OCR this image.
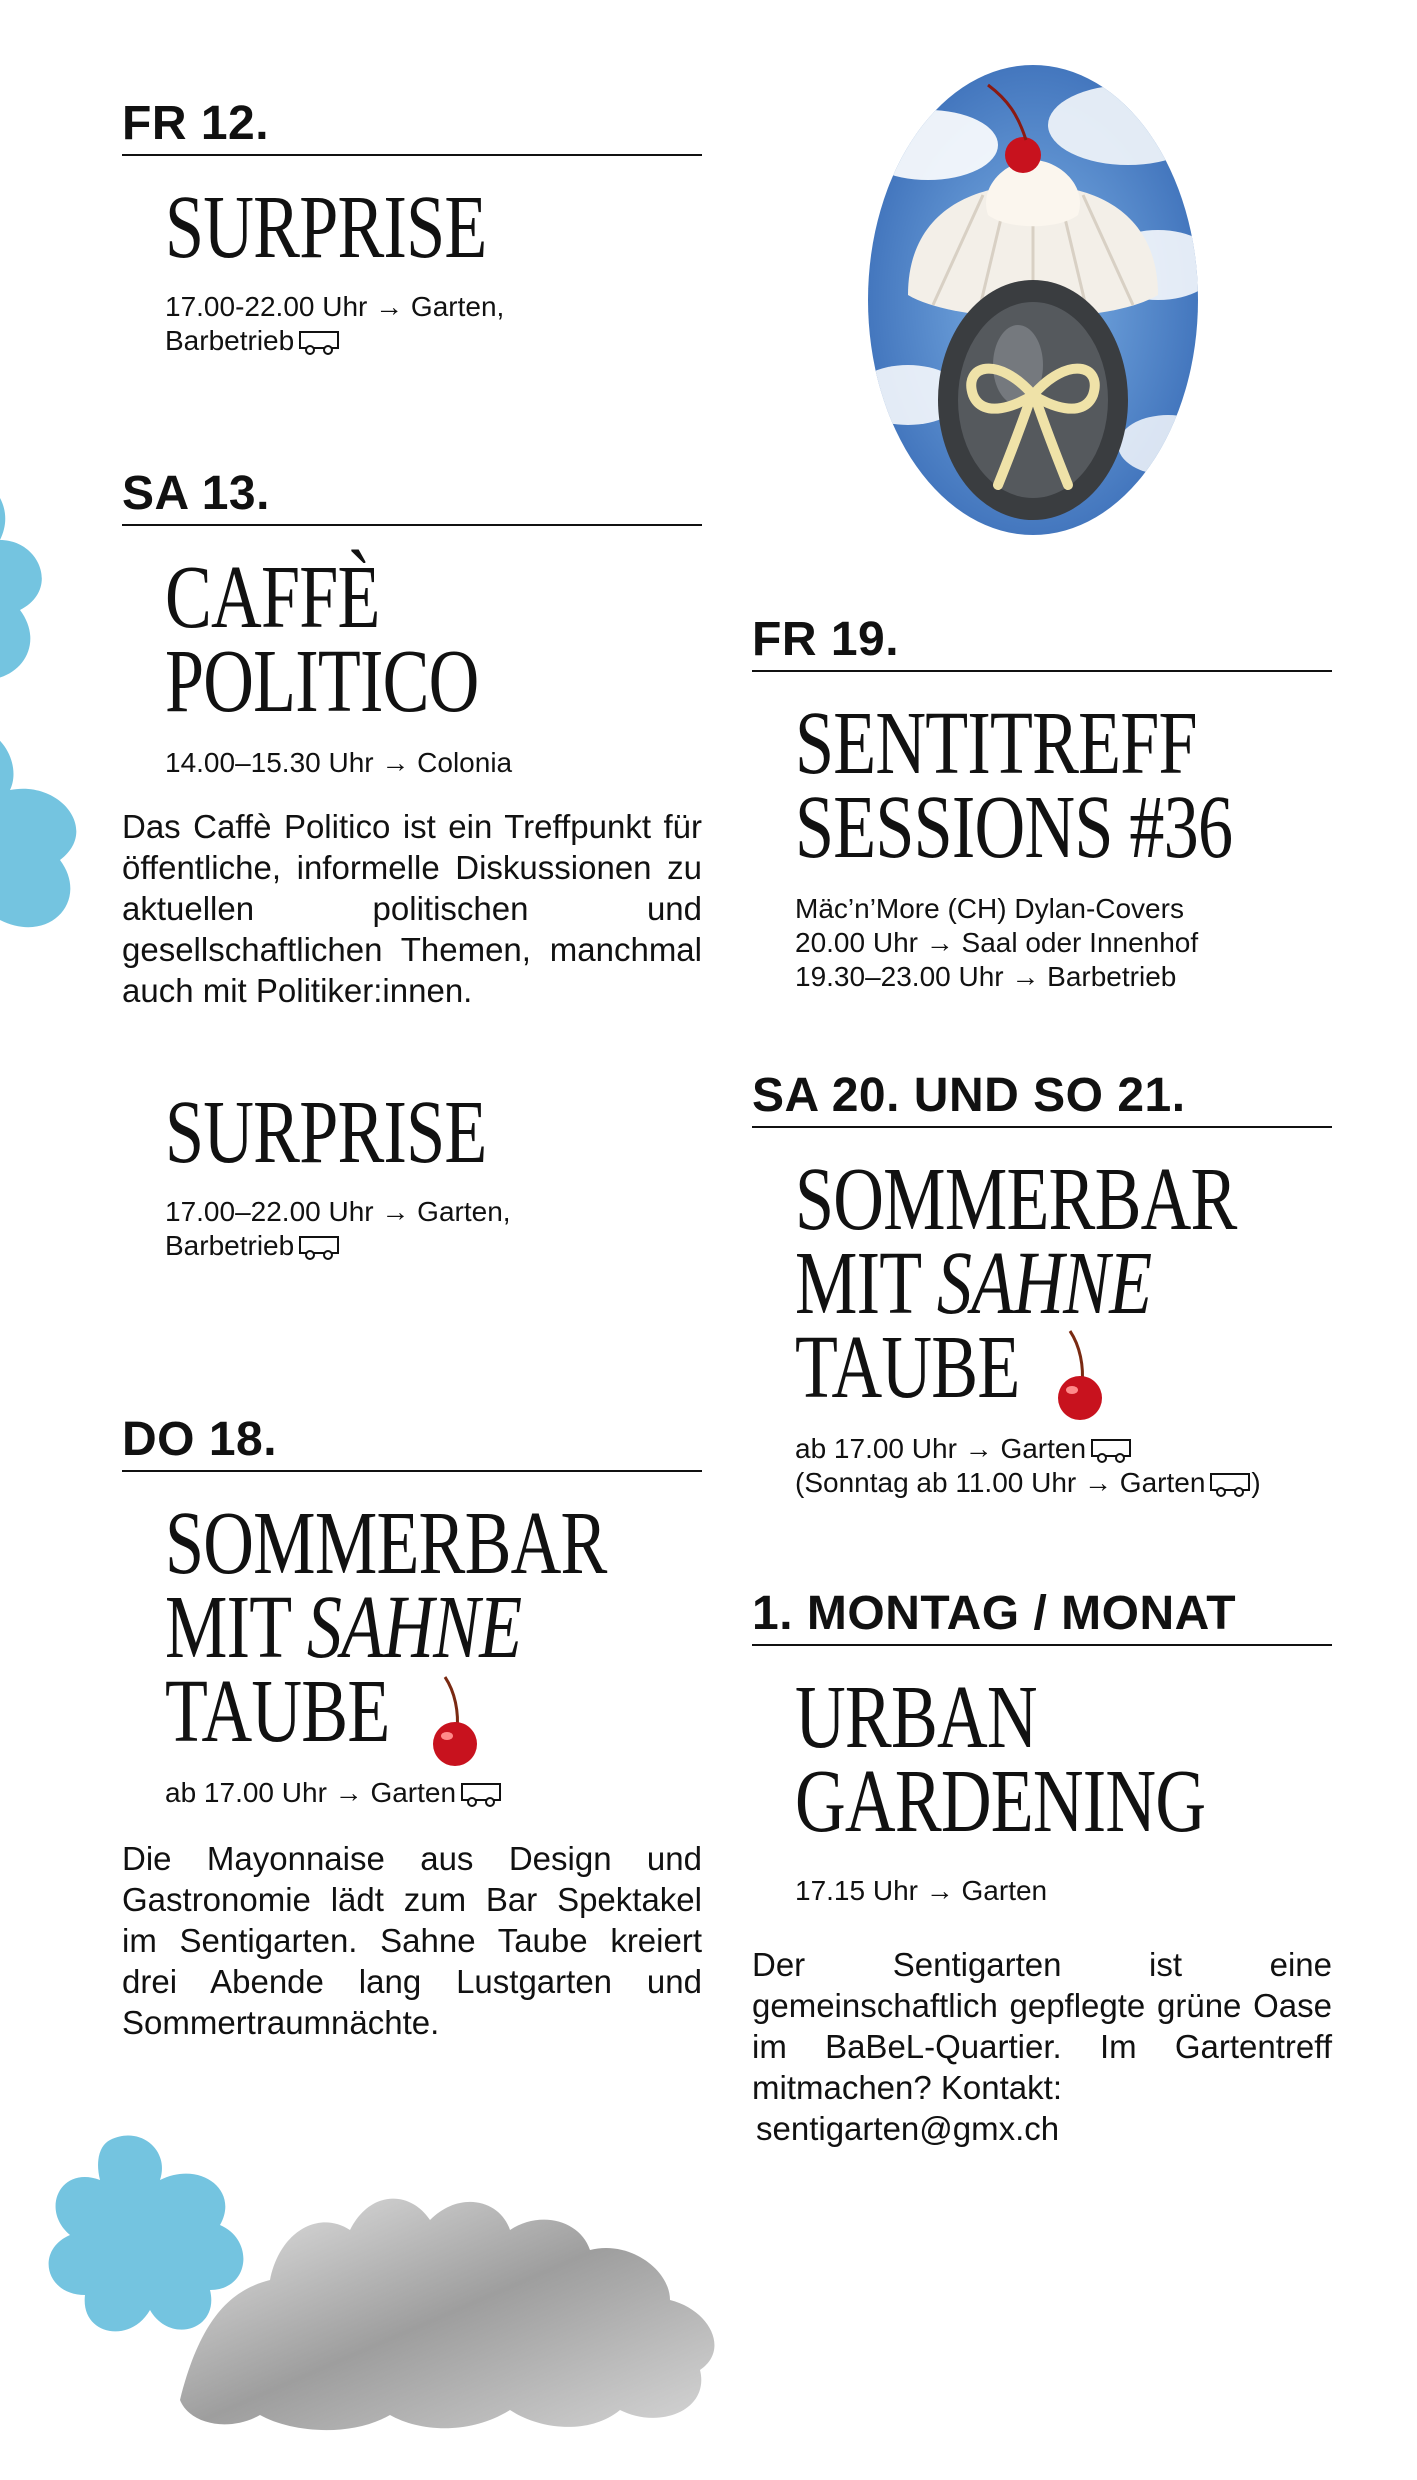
FR 12.

SURPRISE

17.00-22.00 Uhr → Garten,

Barbetrieb

SA 13.

CAFFÈ

POLITICO

14.00–15.30 Uhr → Colonia

Das Caffè Politico ist ein Treffpunkt für öffentliche, informelle Diskussionen zu aktuellen politischen und gesellschaftlichen Themen, manchmal auch mit Politiker:innen.

SURPRISE

17.00–22.00 Uhr → Garten,

Barbetrieb

DO 18.

SOMMERBAR

MIT SAHNE

TAUBE

ab 17.00 Uhr → Garten

Die Mayonnaise aus Design und Gastronomie lädt zum Bar Spektakel im Sentigarten. Sahne Taube kreiert drei Abende lang Lustgarten und Sommertraumnächte.

FR 19.

SENTITREFF

SESSIONS #36

Mäc’n’More (CH) Dylan-Covers

20.00 Uhr → Saal oder Innenhof

19.30–23.00 Uhr → Barbetrieb

SA 20. UND SO 21.

SOMMERBAR

MIT SAHNE

TAUBE

ab 17.00 Uhr → Garten

(Sonntag ab 11.00 Uhr → Garten )

1. MONTAG / MONAT

URBAN

GARDENING

17.15 Uhr → Garten

Der Sentigarten ist eine gemeinschaftlich gepflegte grüne Oase im BaBeL-Quartier. Im Gartentreff mitmachen? Kontakt:

sentigarten@gmx.ch
